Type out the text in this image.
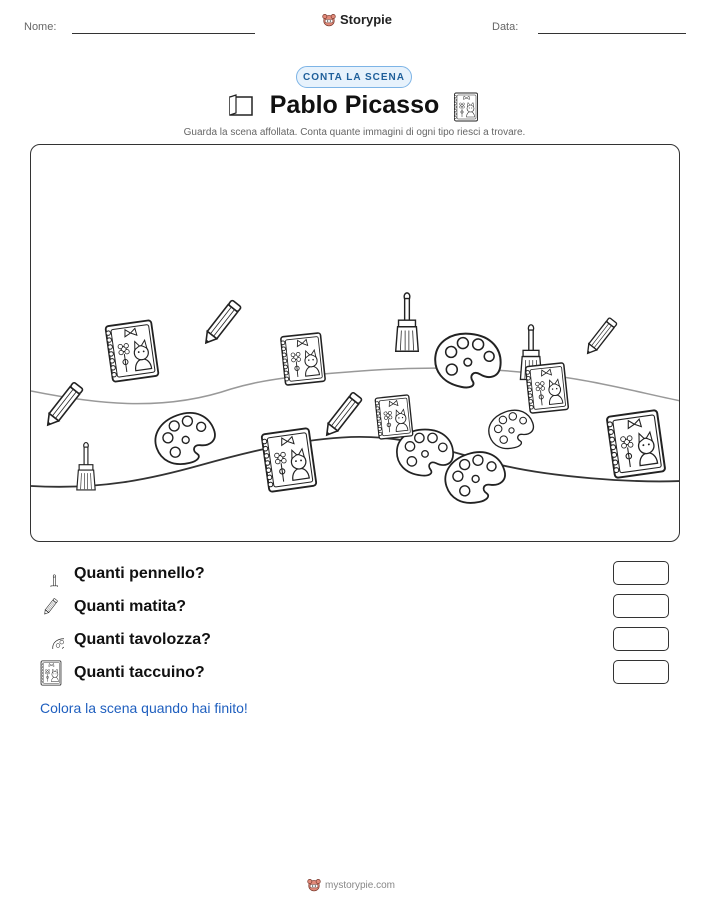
Nome:	Storypie	Data:
CONTA LA SCENA
Pablo Picasso
Guarda la scena affollata. Conta quante immagini di ogni tipo riesci a trovare.
Quanti pennello?
Quanti matita?
Quanti tavolozza?
Quanti taccuino?
Colora la scena quando hai finito!
mystorypie.com
